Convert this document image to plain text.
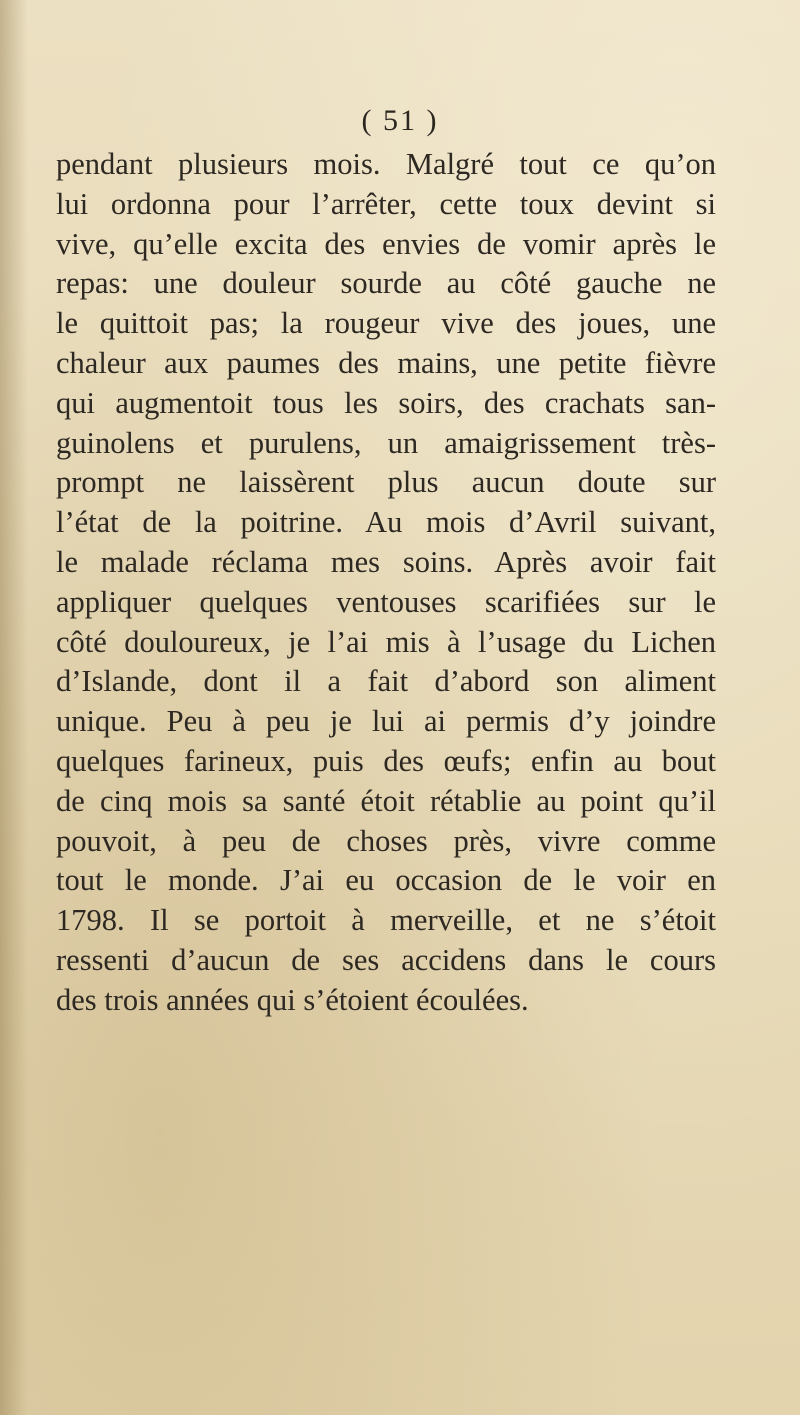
( 51 )
pendant plusieurs mois. Malgré tout ce qu’on
lui ordonna pour l’arrêter, cette toux devint si
vive, qu’elle excita des envies de vomir après le
repas: une douleur sourde au côté gauche ne
le quittoit pas; la rougeur vive des joues, une
chaleur aux paumes des mains, une petite fièvre
qui augmentoit tous les soirs, des crachats san-
guinolens et purulens, un amaigrissement très-
prompt ne laissèrent plus aucun doute sur
l’état de la poitrine. Au mois d’Avril suivant,
le malade réclama mes soins. Après avoir fait
appliquer quelques ventouses scarifiées sur le
côté douloureux, je l’ai mis à l’usage du Lichen
d’Islande, dont il a fait d’abord son aliment
unique. Peu à peu je lui ai permis d’y joindre
quelques farineux, puis des œufs; enfin au bout
de cinq mois sa santé étoit rétablie au point qu’il
pouvoit, à peu de choses près, vivre comme
tout le monde. J’ai eu occasion de le voir en
1798. Il se portoit à merveille, et ne s’étoit
ressenti d’aucun de ses accidens dans le cours
des trois années qui s’étoient écoulées.
